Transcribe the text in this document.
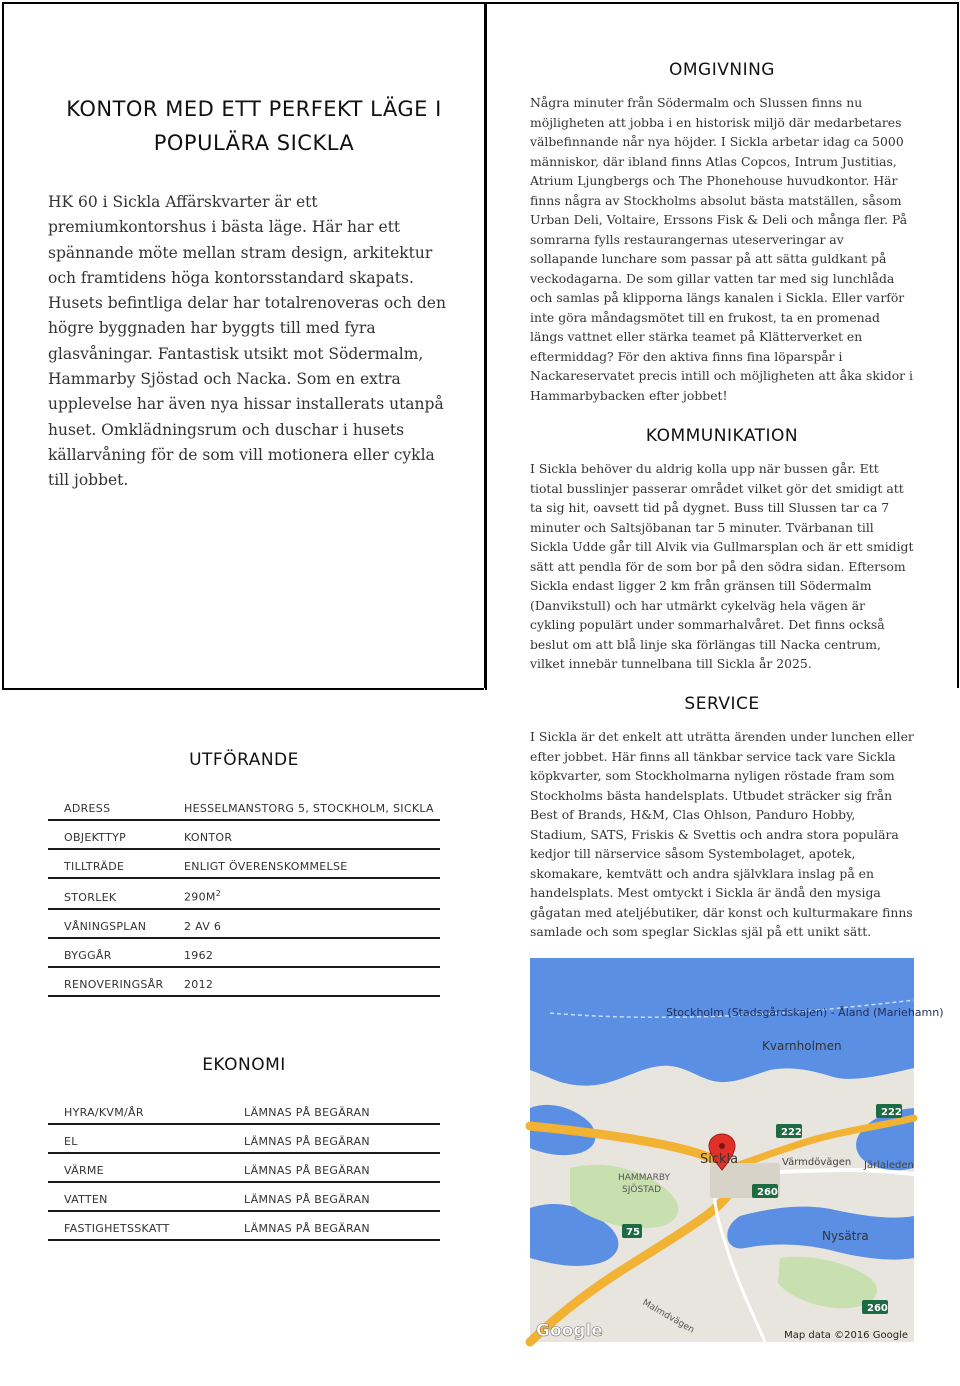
KONTOR MED ETT PERFEKT LÄGE I POPULÄRA SICKLA

HK 60 i Sickla Affärskvarter är ett premiumkontorshus i bästa läge. Här har ett spännande möte mellan stram design, arkitektur och framtidens höga kontorsstandard skapats. Husets befintliga delar har totalrenoveras och den högre byggnaden har byggts till med fyra glasvåningar. Fantastisk utsikt mot Södermalm, Hammarby Sjöstad och Nacka. Som en extra upplevelse har även nya hissar installerats utanpå huset. Omklädningsrum och duschar i husets källarvåning för de som vill motionera eller cykla till jobbet.

OMGIVNING

Några minuter från Södermalm och Slussen finns nu möjligheten att jobba i en historisk miljö där medarbetares välbefinnande når nya höjder. I Sickla arbetar idag ca 5000 människor, där ibland finns Atlas Copcos, Intrum Justitias, Atrium Ljungbergs och The Phonehouse huvudkontor. Här finns några av Stockholms absolut bästa matställen, såsom Urban Deli, Voltaire, Erssons Fisk & Deli och många fler. På somrarna fylls restaurangernas uteserveringar av sollapande lunchare som passar på att sätta guldkant på veckodagarna. De som gillar vatten tar med sig lunchlåda och samlas på klipporna längs kanalen i Sickla. Eller varför inte göra måndagsmötet till en frukost, ta en promenad längs vattnet eller stärka teamet på Klätterverket en eftermiddag? För den aktiva finns fina löparspår i Nackareservatet precis intill och möjligheten att åka skidor i Hammarbybacken efter jobbet!

KOMMUNIKATION

I Sickla behöver du aldrig kolla upp när bussen går. Ett tiotal busslinjer passerar området vilket gör det smidigt att ta sig hit, oavsett tid på dygnet. Buss till Slussen tar ca 7 minuter och Saltsjöbanan tar 5 minuter. Tvärbanan till Sickla Udde går till Alvik via Gullmarsplan och är ett smidigt sätt att pendla för de som bor på den södra sidan. Eftersom Sickla endast ligger 2 km från gränsen till Södermalm (Danvikstull) och har utmärkt cykelväg hela vägen är cykling populärt under sommarhalvåret. Det finns också beslut om att blå linje ska förlängas till Nacka centrum, vilket innebär tunnelbana till Sickla år 2025.

SERVICE

I Sickla är det enkelt att uträtta ärenden under lunchen eller efter jobbet. Här finns all tänkbar service tack vare Sickla köpkvarter, som Stockholmarna nyligen röstade fram som Stockholms bästa handelsplats. Utbudet sträcker sig från Best of Brands, H&M, Clas Ohlson, Panduro Hobby, Stadium, SATS, Friskis & Svettis och andra stora populära kedjor till närservice såsom Systembolaget, apotek, skomakare, kemtvätt och andra självklara inslag på en handelsplats. Mest omtyckt i Sickla är ändå den mysiga gågatan med ateljébutiker, där konst och kulturmakare finns samlade och som speglar Sicklas själ på ett unikt sätt.

UTFÖRANDE
ADRESS	HESSELMANSTORG 5, STOCKHOLM, SICKLA
OBJEKTTYP	KONTOR
TILLTRÄDE	ENLIGT ÖVERENSKOMMELSE
STORLEK	$290M^2$
VÅNINGSPLAN	2 AV 6
BYGGÅR	1962
RENOVERINGSÅR 2012
EKONOMI
HYRA/KVM/ÅR	LÄMNAS PÅ BEGÄRAN
EL	LÄMNAS PÅ BEGÄRAN
VÄRME	LÄMNAS PÅ BEGÄRAN
VATTEN	LÄMNAS PÅ BEGÄRAN
FASTIGHETSSKATT	LÄMNAS PÅ BEGÄRAN
Stockholm (Stadsgårdskajen) - Åland (Mariehamn)
Kvarnholmen
Sickla
HAMMARBY
SJÖSTAD
Värmdövägen Järlaleden
Nysätra
Malmdvägen
222
222
260
260
75
Google	Map data ©2016 Google
